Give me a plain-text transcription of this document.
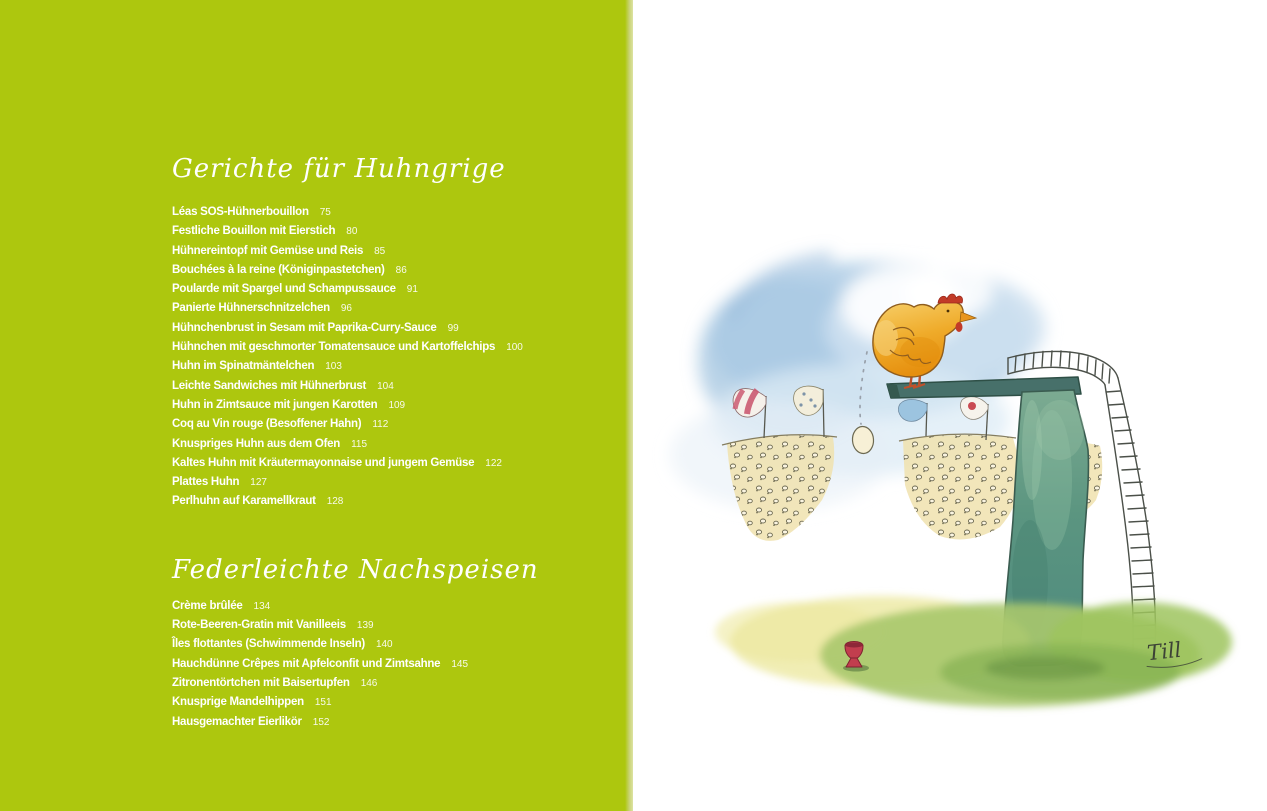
Gerichte für Huhngrige
Léas SOS-Hühnerbouillon 75
Festliche Bouillon mit Eierstich 80
Hühnereintopf mit Gemüse und Reis 85
Bouchées à la reine (Königinpastetchen) 86
Poularde mit Spargel und Schampussauce 91
Panierte Hühnerschnitzelchen 96
Hühnchenbrust in Sesam mit Paprika-Curry-Sauce 99
Hühnchen mit geschmorter Tomatensauce und Kartoffelchips 100
Huhn im Spinatmäntelchen 103
Leichte Sandwiches mit Hühnerbrust 104
Huhn in Zimtsauce mit jungen Karotten 109
Coq au Vin rouge (Besoffener Hahn) 112
Knuspriges Huhn aus dem Ofen 115
Kaltes Huhn mit Kräutermayonnaise und jungem Gemüse 122
Plattes Huhn 127
Perlhuhn auf Karamellkraut 128
Federleichte Nachspeisen
Crème brûlée 134
Rote-Beeren-Gratin mit Vanilleeis 139
Îles flottantes (Schwimmende Inseln) 140
Hauchdünne Crêpes mit Apfelconfit und Zimtsahne 145
Zitronentörtchen mit Baisertupfen 146
Knusprige Mandelhippen 151
Hausgemachter Eierlikör 152
Till
